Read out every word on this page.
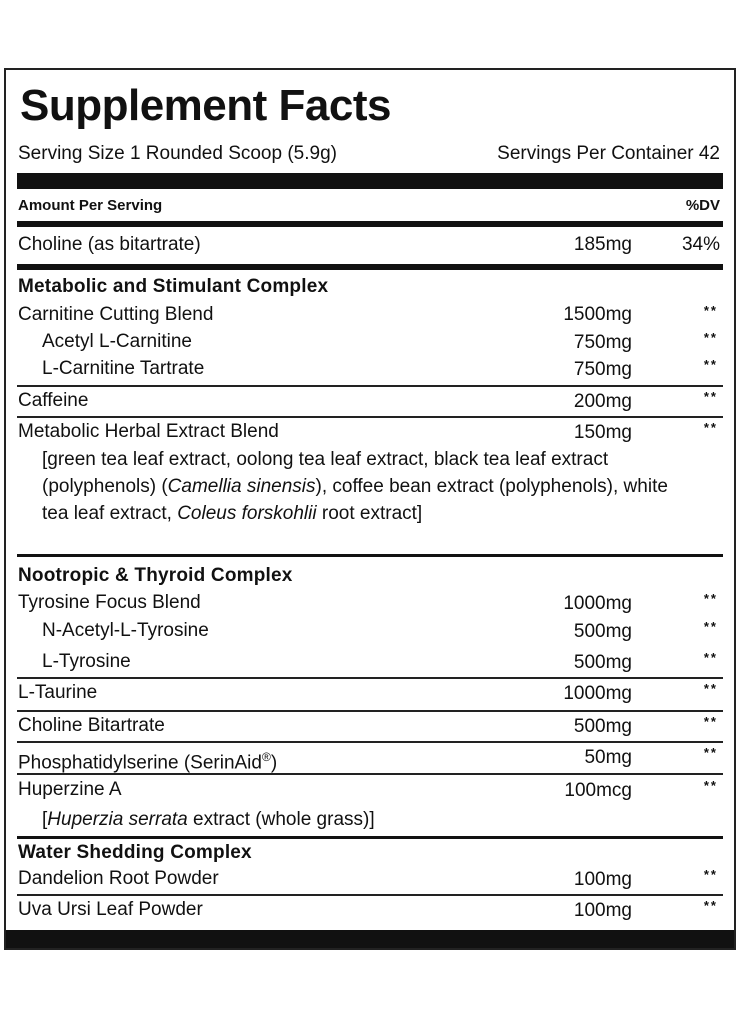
Supplement Facts
Serving Size 1 Rounded Scoop (5.9g)	Servings Per Container 42
Amount Per Serving	%DV
Choline (as bitartrate)	185mg	34%
Metabolic and Stimulant Complex
Carnitine Cutting Blend	1500mg	**
Acetyl L-Carnitine	750mg	**
L-Carnitine Tartrate	750mg	**
Caffeine	200mg	**
Metabolic Herbal Extract Blend	150mg	**
[green tea leaf extract, oolong tea leaf extract, black tea leaf extract (polyphenols) (Camellia sinensis), coffee bean extract (polyphenols), white tea leaf extract, Coleus forskohlii root extract]
Nootropic & Thyroid Complex
Tyrosine Focus Blend	1000mg	**
N-Acetyl-L-Tyrosine	500mg	**
L-Tyrosine	500mg	**
L-Taurine	1000mg	**
Choline Bitartrate	500mg	**
Phosphatidylserine (SerinAid®)	50mg	**
Huperzine A	100mcg	**
[Huperzia serrata extract (whole grass)]
Water Shedding Complex
Dandelion Root Powder	100mg	**
Uva Ursi Leaf Powder	100mg	**
